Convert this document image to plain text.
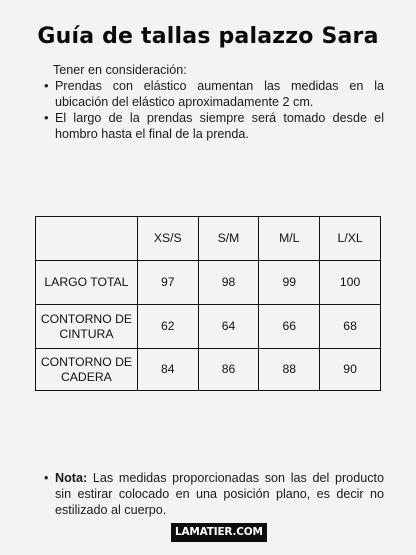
Guía de tallas palazzo Sara

Tener en consideración:

• Prendas con elástico aumentan las medidas en la ubicación del elástico aproximadamente 2 cm.
• El largo de la prendas siempre será tomado desde el hombro hasta el final de la prenda.
	XS/S	S/M	M/L	L/XL
LARGO TOTAL	97	98	99	100
CONTORNO DE CINTURA	62	64	66	68
CONTORNO DE CADERA	84	86	88	90
• Nota: Las medidas proporcionadas son las del producto sin estirar colocado en una posición plano, es decir no estilizado al cuerpo.
LAMATIER.COM
